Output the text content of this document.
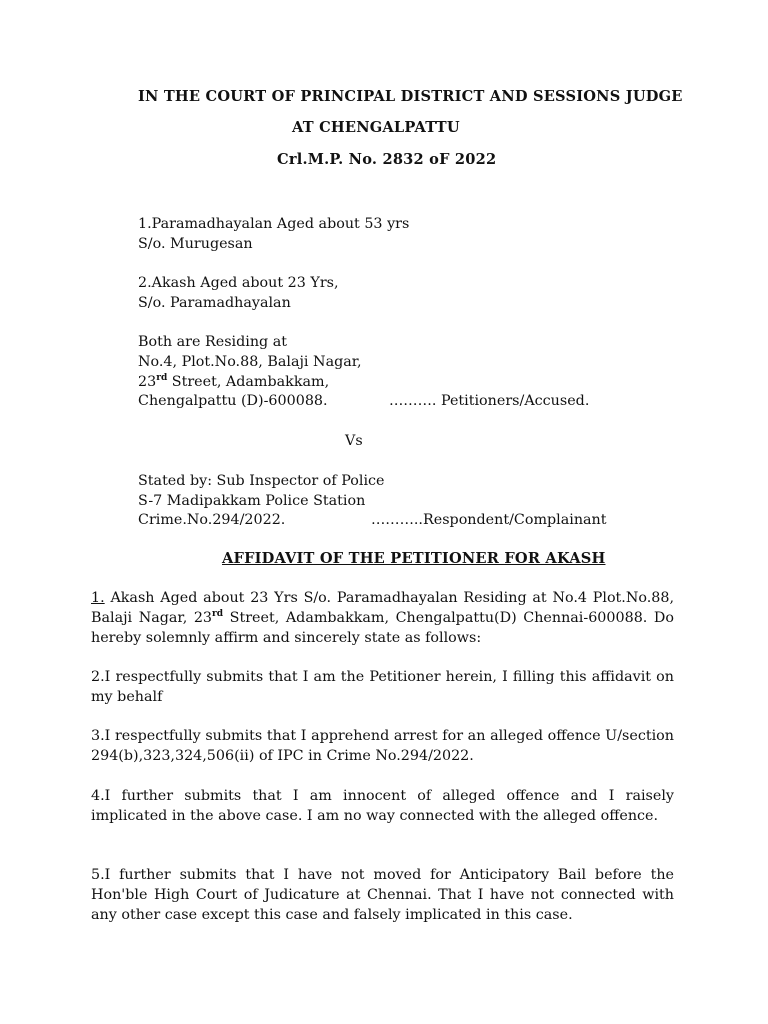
IN THE COURT OF PRINCIPAL DISTRICT AND SESSIONS JUDGE
AT CHENGALPATTU
Crl.M.P. No. 2832 oF 2022
1.Paramadhayalan Aged about 53 yrs
S/o. Murugesan
2.Akash Aged about 23 Yrs,
S/o. Paramadhayalan
Both are Residing at
No.4, Plot.No.88, Balaji Nagar,
23rd Street, Adambakkam,
Chengalpattu (D)-600088.	………. Petitioners/Accused.
Vs
Stated by: Sub Inspector of Police
S-7 Madipakkam Police Station
Crime.No.294/2022.	………..Respondent/Complainant
AFFIDAVIT OF THE PETITIONER FOR AKASH
1. Akash Aged about 23 Yrs S/o. Paramadhayalan Residing at No.4 Plot.No.88, Balaji Nagar, 23rd Street, Adambakkam, Chengalpattu(D) Chennai-600088. Do hereby solemnly affirm and sincerely state as follows:
2.I respectfully submits that I am the Petitioner herein, I filling this affidavit on my behalf
3.I respectfully submits that I apprehend arrest for an alleged offence U/section 294(b),323,324,506(ii) of IPC in Crime No.294/2022.
4.I further submits that I am innocent of alleged offence and I raisely implicated in the above case. I am no way connected with the alleged offence.
5.I further submits that I have not moved for Anticipatory Bail before the Hon'ble High Court of Judicature at Chennai. That I have not connected with any other case except this case and falsely implicated in this case.
